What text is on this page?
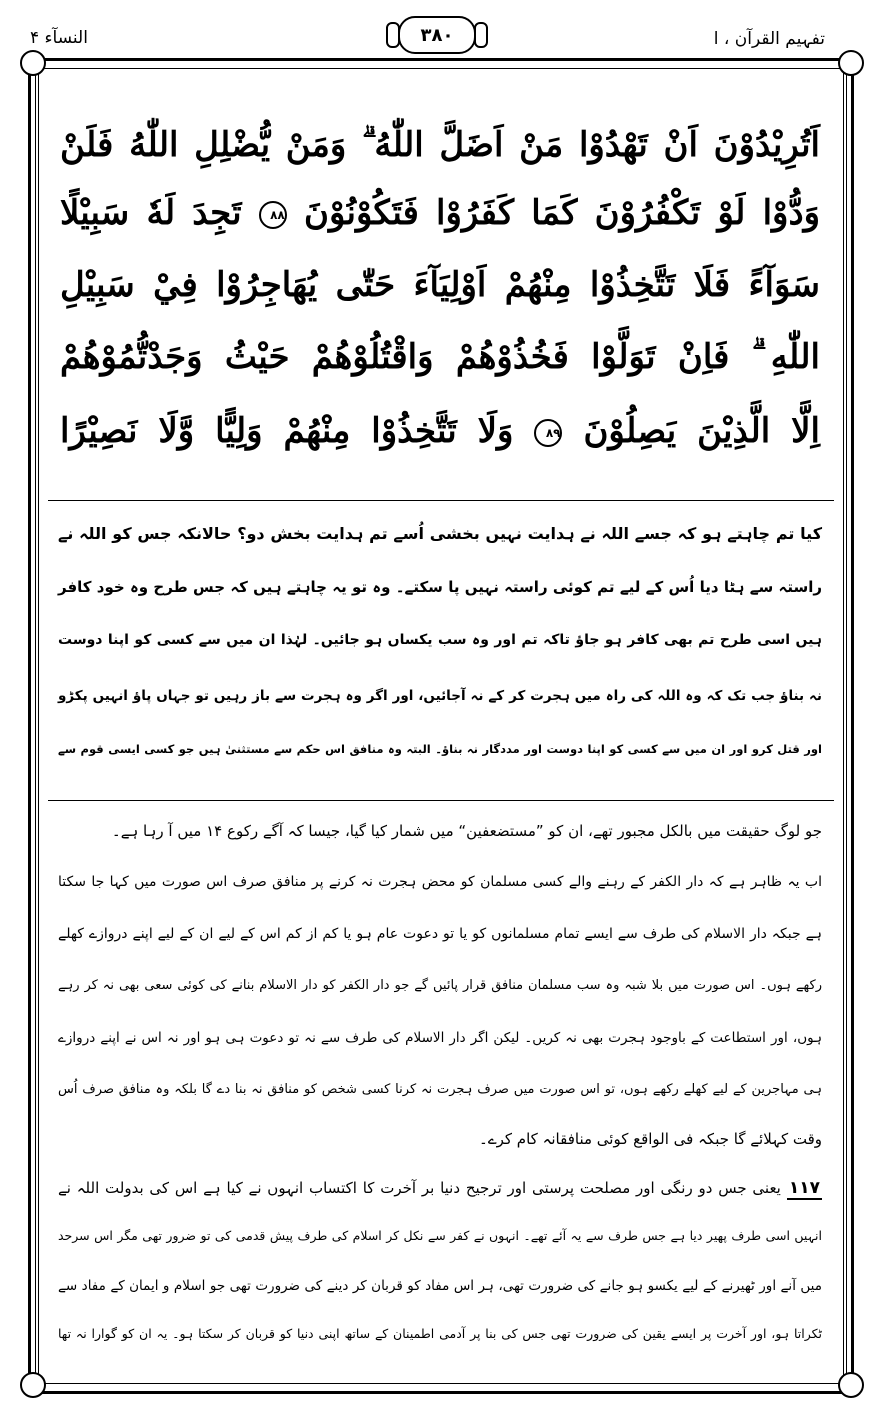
النسآء ۴	تفہیم القرآن ، ا
۳۸۰
اَتُرِيْدُوْنَ اَنْ تَهْدُوْا مَنْ اَضَلَّ اللّٰهُ ۗ وَمَنْ يُّضْلِلِ اللّٰهُ فَلَنْ
وَدُّوْا لَوْ تَكْفُرُوْنَ كَمَا كَفَرُوْا فَتَكُوْنُوْنَ ۸۸ تَجِدَ لَهٗ سَبِيْلًا
سَوَآءً فَلَا تَتَّخِذُوْا مِنْهُمْ اَوْلِيَآءَ حَتّٰى يُهَاجِرُوْا فِيْ سَبِيْلِ
اللّٰهِ ۗ فَاِنْ تَوَلَّوْا فَخُذُوْهُمْ وَاقْتُلُوْهُمْ حَيْثُ وَجَدْتُّمُوْهُمْ
اِلَّا الَّذِيْنَ يَصِلُوْنَ ۸۹ وَلَا تَتَّخِذُوْا مِنْهُمْ وَلِيًّا وَّلَا نَصِيْرًا
کیا تم چاہتے ہو کہ جسے اللہ نے ہدایت نہیں بخشی اُسے تم ہدایت بخش دو؟ حالانکہ جس کو اللہ نے
راستہ سے ہٹا دیا اُس کے لیے تم کوئی راستہ نہیں پا سکتے۔ وہ تو یہ چاہتے ہیں کہ جس طرح وہ خود کافر
ہیں اسی طرح تم بھی کافر ہو جاؤ تاکہ تم اور وہ سب یکساں ہو جائیں۔ لہٰذا ان میں سے کسی کو اپنا دوست
نہ بناؤ جب تک کہ وہ اللہ کی راہ میں ہجرت کر کے نہ آجائیں، اور اگر وہ ہجرت سے باز رہیں تو جہاں پاؤ انہیں پکڑو
اور قتل کرو اور ان میں سے کسی کو اپنا دوست اور مددگار نہ بناؤ۔ البتہ وہ منافق اس حکم سے مستثنیٰ ہیں جو کسی ایسی قوم سے
جو لوگ حقیقت میں بالکل مجبور تھے، ان کو ”مستضعفین“ میں شمار کیا گیا، جیسا کہ آگے رکوع ۱۴ میں آ رہا ہے۔
اب یہ ظاہر ہے کہ دار الکفر کے رہنے والے کسی مسلمان کو محض ہجرت نہ کرنے پر منافق صرف اس صورت میں کہا جا سکتا
ہے جبکہ دار الاسلام کی طرف سے ایسے تمام مسلمانوں کو یا تو دعوت عام ہو یا کم از کم اس کے لیے ان کے لیے اپنے دروازے کھلے
رکھے ہوں۔ اس صورت میں بلا شبہ وہ سب مسلمان منافق قرار پائیں گے جو دار الکفر کو دار الاسلام بنانے کی کوئی سعی بھی نہ کر رہے
ہوں، اور استطاعت کے باوجود ہجرت بھی نہ کریں۔ لیکن اگر دار الاسلام کی طرف سے نہ تو دعوت ہی ہو اور نہ اس نے اپنے دروازے
ہی مہاجرین کے لیے کھلے رکھے ہوں، تو اس صورت میں صرف ہجرت نہ کرنا کسی شخص کو منافق نہ بنا دے گا بلکہ وہ منافق صرف اُس
وقت کہلائے گا جبکہ فی الواقع کوئی منافقانہ کام کرے۔
۱۱۷یعنی جس دو رنگی اور مصلحت پرستی اور ترجیح دنیا بر آخرت کا اکتساب انہوں نے کیا ہے اس کی بدولت اللہ نے
انہیں اسی طرف پھیر دیا ہے جس طرف سے یہ آئے تھے۔ انہوں نے کفر سے نکل کر اسلام کی طرف پیش قدمی کی تو ضرور تھی مگر اس سرحد
میں آنے اور ٹھیرنے کے لیے یکسو ہو جانے کی ضرورت تھی، ہر اس مفاد کو قربان کر دینے کی ضرورت تھی جو اسلام و ایمان کے مفاد سے
ٹکراتا ہو، اور آخرت پر ایسے یقین کی ضرورت تھی جس کی بنا پر آدمی اطمینان کے ساتھ اپنی دنیا کو قربان کر سکتا ہو۔ یہ ان کو گوارا نہ تھا
